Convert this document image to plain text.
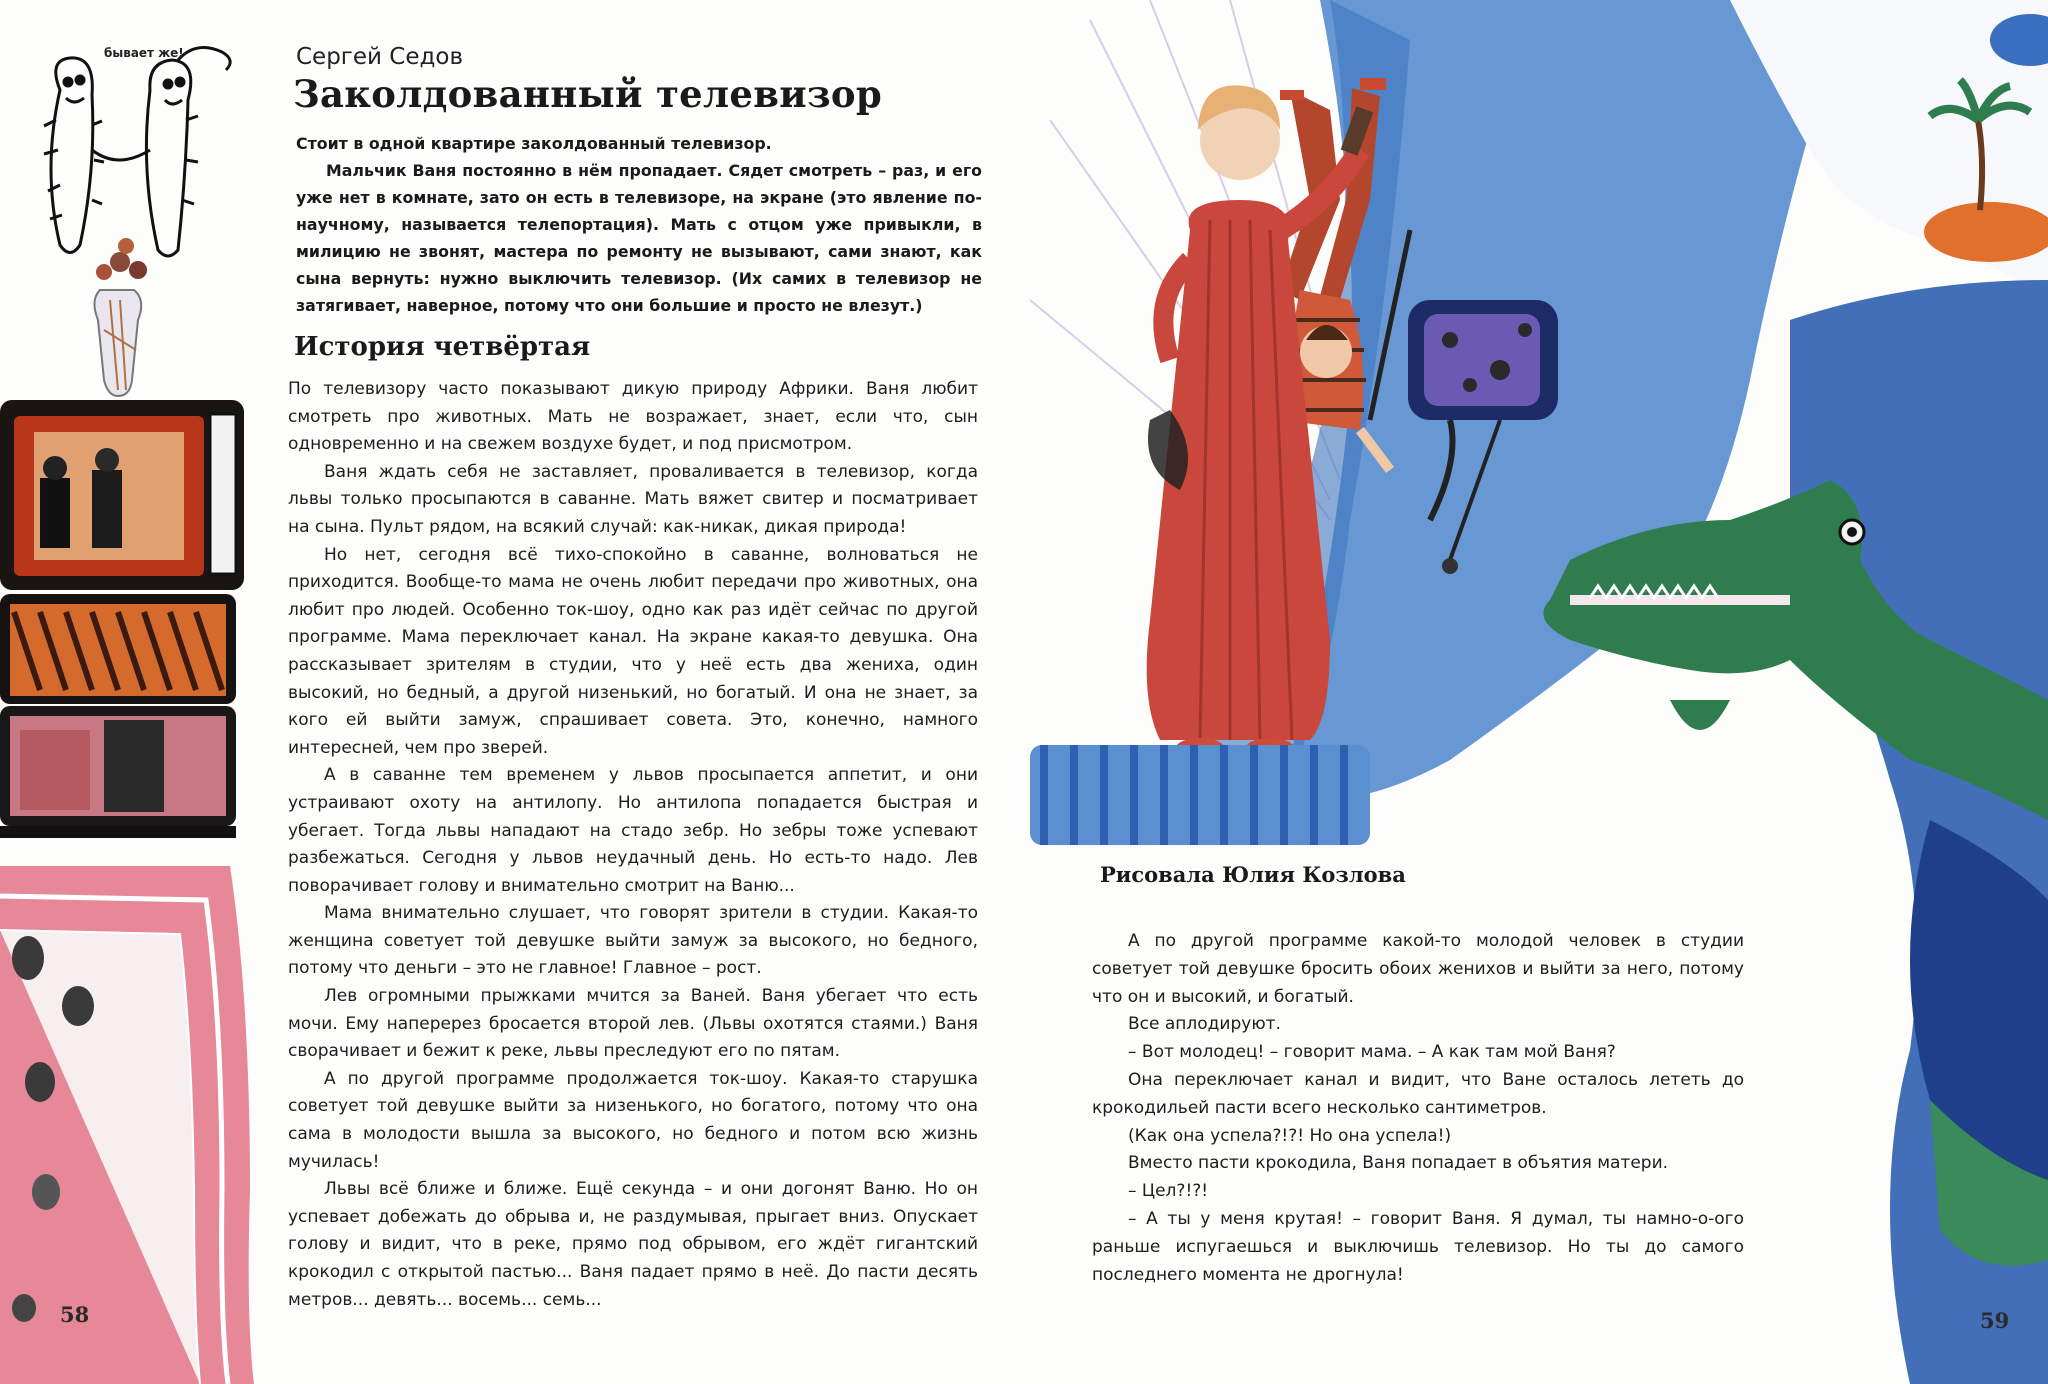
бывает же!	Сергей Седов
Заколдованный телевизор

Стоит в одной квартире заколдованный телевизор.

Мальчик Ваня постоянно в нём пропадает. Сядет смотреть – раз, и его уже нет в комнате, зато он есть в телевизоре, на экране (это явление по-научному, называется телепортация). Мать с отцом уже привыкли, в милицию не звонят, мастера по ремонту не вызывают, сами знают, как сына вернуть: нужно выключить телевизор. (Их самих в телевизор не затягивает, наверное, потому что они большие и просто не влезут.)

История четвёртая

По телевизору часто показывают дикую природу Африки. Ваня любит смотреть про животных. Мать не возражает, знает, если что, сын одновременно и на свежем воздухе будет, и под присмотром.

Ваня ждать себя не заставляет, проваливается в телевизор, когда львы только просыпаются в саванне. Мать вяжет свитер и посматривает на сына. Пульт рядом, на всякий случай: как-никак, дикая природа!

Но нет, сегодня всё тихо-спокойно в саванне, волноваться не приходится. Вообще-то мама не очень любит передачи про животных, она любит про людей. Особенно ток-шоу, одно как раз идёт сейчас по другой программе. Мама переключает канал. На экране какая-то девушка. Она рассказывает зрителям в студии, что у неё есть два жениха, один высокий, но бедный, а другой низенький, но богатый. И она не знает, за кого ей выйти замуж, спрашивает совета. Это, конечно, намного интересней, чем про зверей.

А в саванне тем временем у львов просыпается аппетит, и они устраивают охоту на антилопу. Но антилопа попадается быстрая и убегает. Тогда львы нападают на стадо зебр. Но зебры тоже успевают разбежаться. Сегодня у львов неудачный день. Но есть-то надо. Лев поворачивает голову и внимательно смотрит на Ваню...

Мама внимательно слушает, что говорят зрители в студии. Какая-то женщина советует той девушке выйти замуж за высокого, но бедного, потому что деньги – это не главное! Главное – рост.

Лев огромными прыжками мчится за Ваней. Ваня убегает что есть мочи. Ему наперерез бросается второй лев. (Львы охотятся стаями.) Ваня сворачивает и бежит к реке, львы преследуют его по пятам.

А по другой программе продолжается ток-шоу. Какая-то старушка советует той девушке выйти за низенького, но богатого, потому что она сама в молодости вышла за высокого, но бедного и потом всю жизнь мучилась!

Львы всё ближе и ближе. Ещё секунда – и они догонят Ваню. Но он успевает добежать до обрыва и, не раздумывая, прыгает вниз. Опускает голову и видит, что в реке, прямо под обрывом, его ждёт гигантский крокодил с открытой пастью... Ваня падает прямо в неё. До пасти десять метров... девять... восемь... семь...

58
Рисовала Юлия Козлова

А по другой программе какой-то молодой человек в студии советует той девушке бросить обоих женихов и выйти за него, потому что он и высокий, и богатый.

Все аплодируют.

– Вот молодец! – говорит мама. – А как там мой Ваня?

Она переключает канал и видит, что Ване осталось лететь до крокодильей пасти всего несколько сантиметров.

(Как она успела?!?! Но она успела!)

Вместо пасти крокодила, Ваня попадает в объятия матери.

– Цел?!?!

– А ты у меня крутая! – говорит Ваня. Я думал, ты намно-о-ого раньше испугаешься и выключишь телевизор. Но ты до самого последнего момента не дрогнула!

59
